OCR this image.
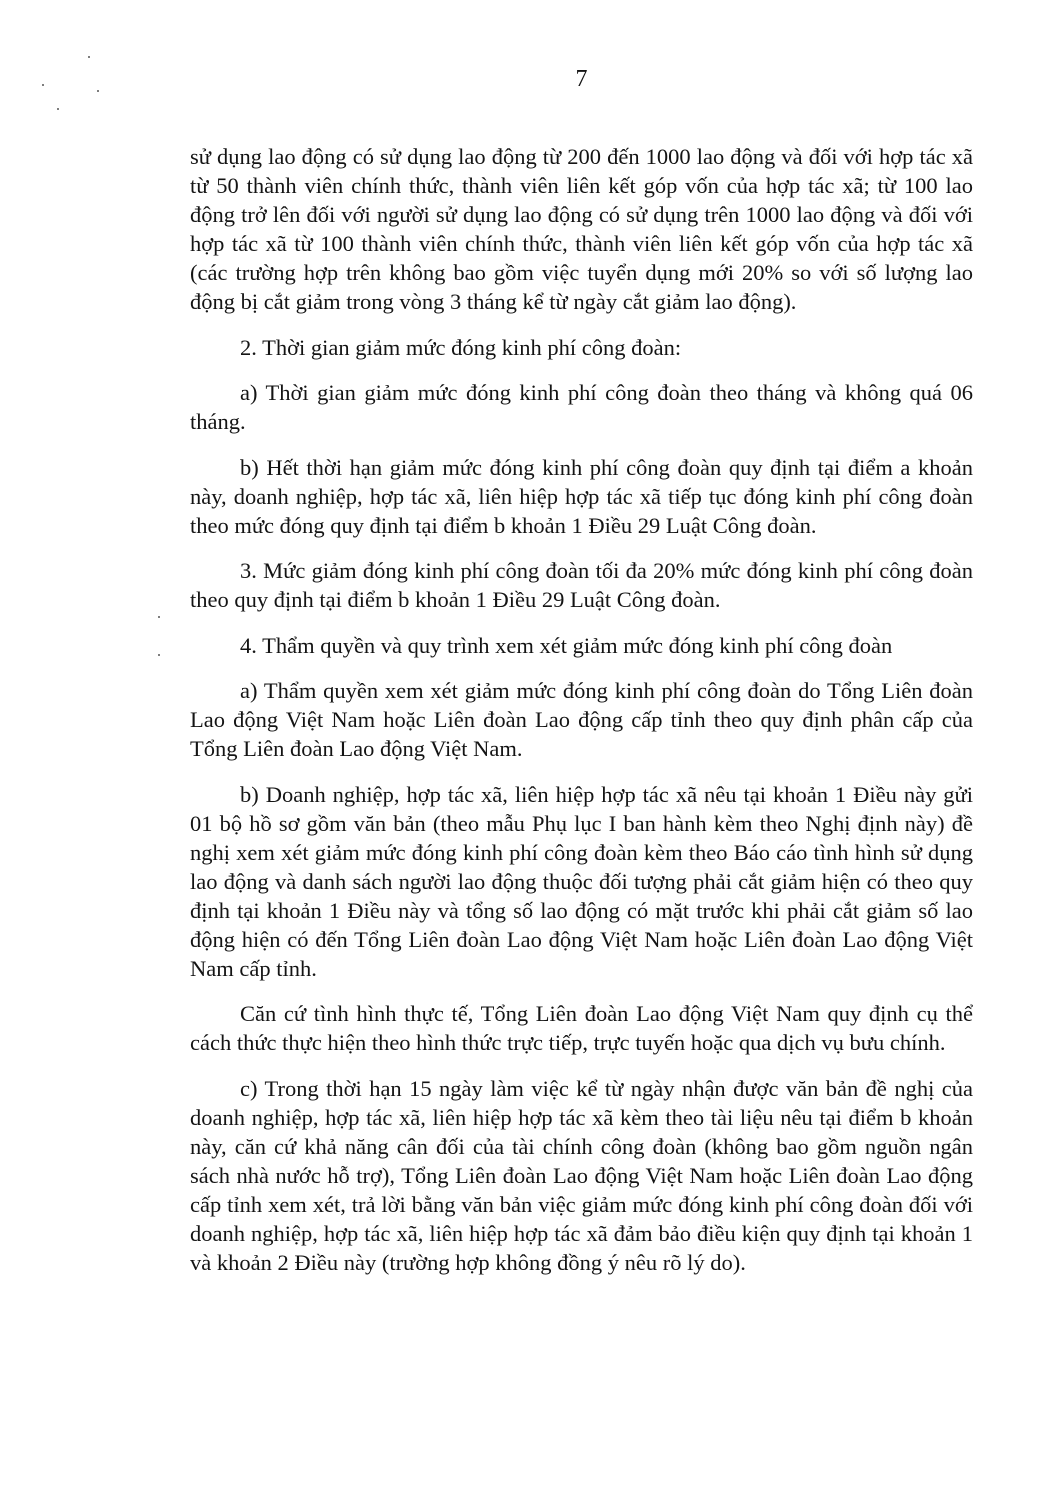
7

sử dụng lao động có sử dụng lao động từ 200 đến 1000 lao động và đối với hợp tác xã từ 50 thành viên chính thức, thành viên liên kết góp vốn của hợp tác xã; từ 100 lao động trở lên đối với người sử dụng lao động có sử dụng trên 1000 lao động và đối với hợp tác xã từ 100 thành viên chính thức, thành viên liên kết góp vốn của hợp tác xã (các trường hợp trên không bao gồm việc tuyển dụng mới 20% so với số lượng lao động bị cắt giảm trong vòng 3 tháng kể từ ngày cắt giảm lao động).

2. Thời gian giảm mức đóng kinh phí công đoàn:

a) Thời gian giảm mức đóng kinh phí công đoàn theo tháng và không quá 06 tháng.

b) Hết thời hạn giảm mức đóng kinh phí công đoàn quy định tại điểm a khoản này, doanh nghiệp, hợp tác xã, liên hiệp hợp tác xã tiếp tục đóng kinh phí công đoàn theo mức đóng quy định tại điểm b khoản 1 Điều 29 Luật Công đoàn.

3. Mức giảm đóng kinh phí công đoàn tối đa 20% mức đóng kinh phí công đoàn theo quy định tại điểm b khoản 1 Điều 29 Luật Công đoàn.

4. Thẩm quyền và quy trình xem xét giảm mức đóng kinh phí công đoàn

a) Thẩm quyền xem xét giảm mức đóng kinh phí công đoàn do Tổng Liên đoàn Lao động Việt Nam hoặc Liên đoàn Lao động cấp tỉnh theo quy định phân cấp của Tổng Liên đoàn Lao động Việt Nam.

b) Doanh nghiệp, hợp tác xã, liên hiệp hợp tác xã nêu tại khoản 1 Điều này gửi 01 bộ hồ sơ gồm văn bản (theo mẫu Phụ lục I ban hành kèm theo Nghị định này) đề nghị xem xét giảm mức đóng kinh phí công đoàn kèm theo Báo cáo tình hình sử dụng lao động và danh sách người lao động thuộc đối tượng phải cắt giảm hiện có theo quy định tại khoản 1 Điều này và tổng số lao động có mặt trước khi phải cắt giảm số lao động hiện có đến Tổng Liên đoàn Lao động Việt Nam hoặc Liên đoàn Lao động Việt Nam cấp tỉnh.

Căn cứ tình hình thực tế, Tổng Liên đoàn Lao động Việt Nam quy định cụ thể cách thức thực hiện theo hình thức trực tiếp, trực tuyến hoặc qua dịch vụ bưu chính.

c) Trong thời hạn 15 ngày làm việc kể từ ngày nhận được văn bản đề nghị của doanh nghiệp, hợp tác xã, liên hiệp hợp tác xã kèm theo tài liệu nêu tại điểm b khoản này, căn cứ khả năng cân đối của tài chính công đoàn (không bao gồm nguồn ngân sách nhà nước hỗ trợ), Tổng Liên đoàn Lao động Việt Nam hoặc Liên đoàn Lao động cấp tỉnh xem xét, trả lời bằng văn bản việc giảm mức đóng kinh phí công đoàn đối với doanh nghiệp, hợp tác xã, liên hiệp hợp tác xã đảm bảo điều kiện quy định tại khoản 1 và khoản 2 Điều này (trường hợp không đồng ý nêu rõ lý do).
